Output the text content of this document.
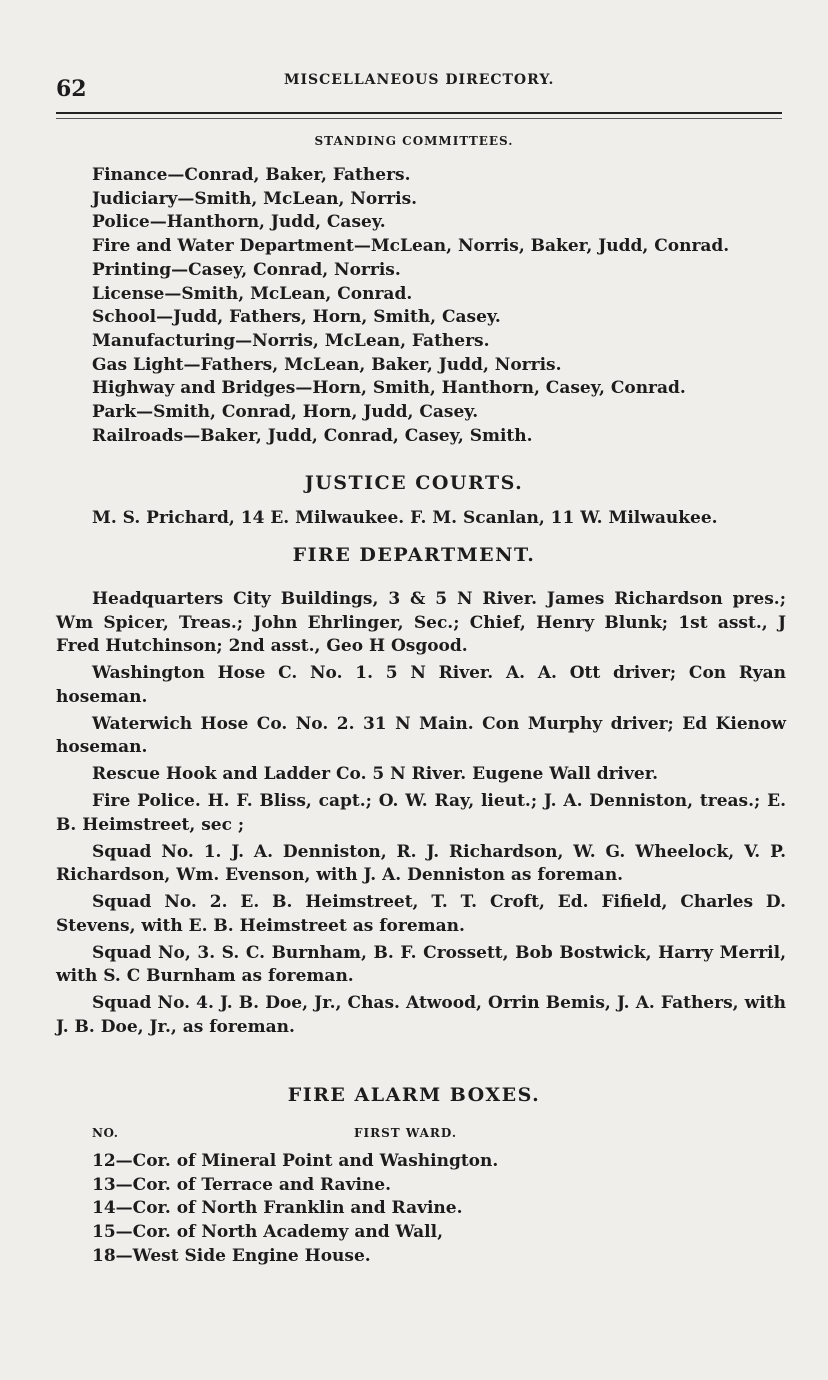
62	MISCELLANEOUS DIRECTORY.
STANDING COMMITTEES.
Finance—Conrad, Baker, Fathers.
Judiciary—Smith, McLean, Norris.
Police—Hanthorn, Judd, Casey.
Fire and Water Department—McLean, Norris, Baker, Judd, Conrad.
Printing—Casey, Conrad, Norris.
License—Smith, McLean, Conrad.
School—Judd, Fathers, Horn, Smith, Casey.
Manufacturing—Norris, McLean, Fathers.
Gas Light—Fathers, McLean, Baker, Judd, Norris.
Highway and Bridges—Horn, Smith, Hanthorn, Casey, Conrad.
Park—Smith, Conrad, Horn, Judd, Casey.
Railroads—Baker, Judd, Conrad, Casey, Smith.
JUSTICE COURTS.
M. S. Prichard, 14 E. Milwaukee. F. M. Scanlan, 11 W. Milwaukee.
FIRE DEPARTMENT.

Headquarters City Buildings, 3 & 5 N River. James Richardson pres.; Wm Spicer, Treas.; John Ehrlinger, Sec.; Chief, Henry Blunk; 1st asst., J Fred Hutchinson; 2nd asst., Geo H Osgood.

Washington Hose C. No. 1. 5 N River. A. A. Ott driver; Con Ryan hoseman.

Waterwich Hose Co. No. 2. 31 N Main. Con Murphy driver; Ed Kienow hoseman.

Rescue Hook and Ladder Co. 5 N River. Eugene Wall driver.

Fire Police. H. F. Bliss, capt.; O. W. Ray, lieut.; J. A. Denniston, treas.; E. B. Heimstreet, sec ;

Squad No. 1. J. A. Denniston, R. J. Richardson, W. G. Wheelock, V. P. Richardson, Wm. Evenson, with J. A. Denniston as foreman.

Squad No. 2. E. B. Heimstreet, T. T. Croft, Ed. Fifield, Charles D. Stevens, with E. B. Heimstreet as foreman.

Squad No, 3. S. C. Burnham, B. F. Crossett, Bob Bostwick, Harry Merril, with S. C Burnham as foreman.

Squad No. 4. J. B. Doe, Jr., Chas. Atwood, Orrin Bemis, J. A. Fathers, with J. B. Doe, Jr., as foreman.

FIRE ALARM BOXES.
NO.	FIRST WARD.
12—Cor. of Mineral Point and Washington.
13—Cor. of Terrace and Ravine.
14—Cor. of North Franklin and Ravine.
15—Cor. of North Academy and Wall,
18—West Side Engine House.
